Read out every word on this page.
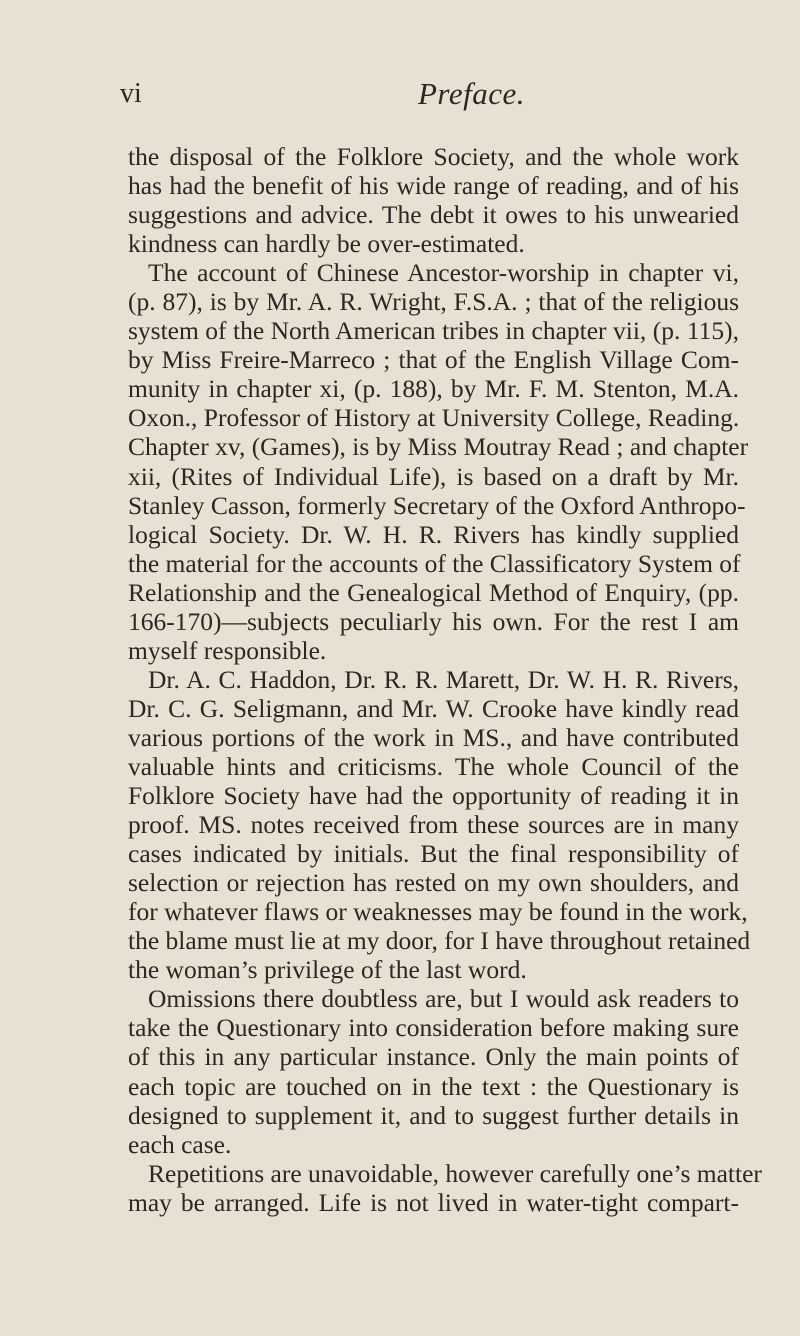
vi	Preface.
the disposal of the Folklore Society, and the whole work
has had the benefit of his wide range of reading, and of his
suggestions and advice. The debt it owes to his unwearied
kindness can hardly be over-estimated.
The account of Chinese Ancestor-worship in chapter vi,
(p. 87), is by Mr. A. R. Wright, F.S.A. ; that of the religious
system of the North American tribes in chapter vii, (p. 115),
by Miss Freire-Marreco ; that of the English Village Com-
munity in chapter xi, (p. 188), by Mr. F. M. Stenton, M.A.
Oxon., Professor of History at University College, Reading.
Chapter xv, (Games), is by Miss Moutray Read ; and chapter
xii, (Rites of Individual Life), is based on a draft by Mr.
Stanley Casson, formerly Secretary of the Oxford Anthropo-
logical Society. Dr. W. H. R. Rivers has kindly supplied
the material for the accounts of the Classificatory System of
Relationship and the Genealogical Method of Enquiry, (pp.
166-170)—subjects peculiarly his own. For the rest I am
myself responsible.
Dr. A. C. Haddon, Dr. R. R. Marett, Dr. W. H. R. Rivers,
Dr. C. G. Seligmann, and Mr. W. Crooke have kindly read
various portions of the work in MS., and have contributed
valuable hints and criticisms. The whole Council of the
Folklore Society have had the opportunity of reading it in
proof. MS. notes received from these sources are in many
cases indicated by initials. But the final responsibility of
selection or rejection has rested on my own shoulders, and
for whatever flaws or weaknesses may be found in the work,
the blame must lie at my door, for I have throughout retained
the woman’s privilege of the last word.
Omissions there doubtless are, but I would ask readers to
take the Questionary into consideration before making sure
of this in any particular instance. Only the main points of
each topic are touched on in the text : the Questionary is
designed to supplement it, and to suggest further details in
each case.
Repetitions are unavoidable, however carefully one’s matter
may be arranged. Life is not lived in water-tight compart-
